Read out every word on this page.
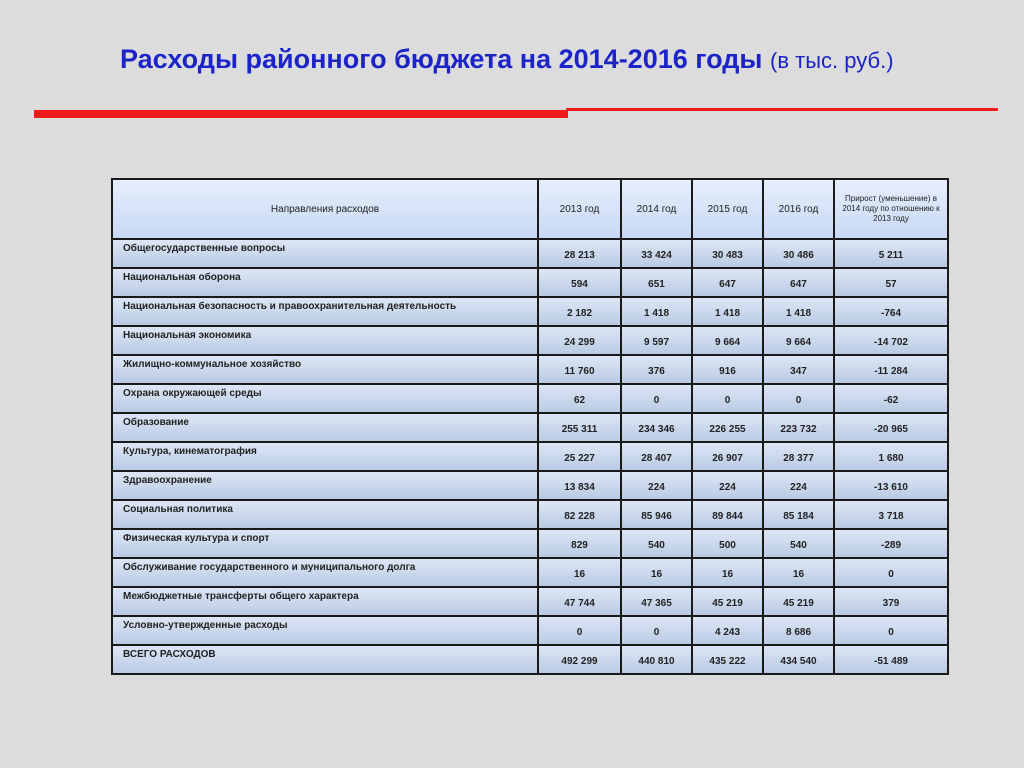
Расходы районного бюджета на 2014-2016 годы (в тыс. руб.)
Направления расходов	2013 год	2014 год	2015 год	2016 год	Прирост (уменьшение) в 2014 году по отношению к 2013 году
Общегосударственные вопросы	28 213	33 424	30 483	30 486	5 211
Национальная оборона	594	651	647	647	57
Национальная безопасность и правоохранительная деятельность	2 182	1 418	1 418	1 418	-764
Национальная экономика	24 299	9 597	9 664	9 664	-14 702
Жилищно-коммунальное хозяйство	11 760	376	916	347	-11 284
Охрана окружающей среды	62	0	0	0	-62
Образование	255 311	234 346	226 255	223 732	-20 965
Культура, кинематография	25 227	28 407	26 907	28 377	1 680
Здравоохранение	13 834	224	224	224	-13 610
Социальная политика	82 228	85 946	89 844	85 184	3 718
Физическая культура и спорт	829	540	500	540	-289
Обслуживание государственного и муниципального долга	16	16	16	16	0
Межбюджетные трансферты общего характера	47 744	47 365	45 219	45 219	379
Условно-утвержденные расходы	0	0	4 243	8 686	0
ВСЕГО РАСХОДОВ	492 299	440 810	435 222	434 540	-51 489
